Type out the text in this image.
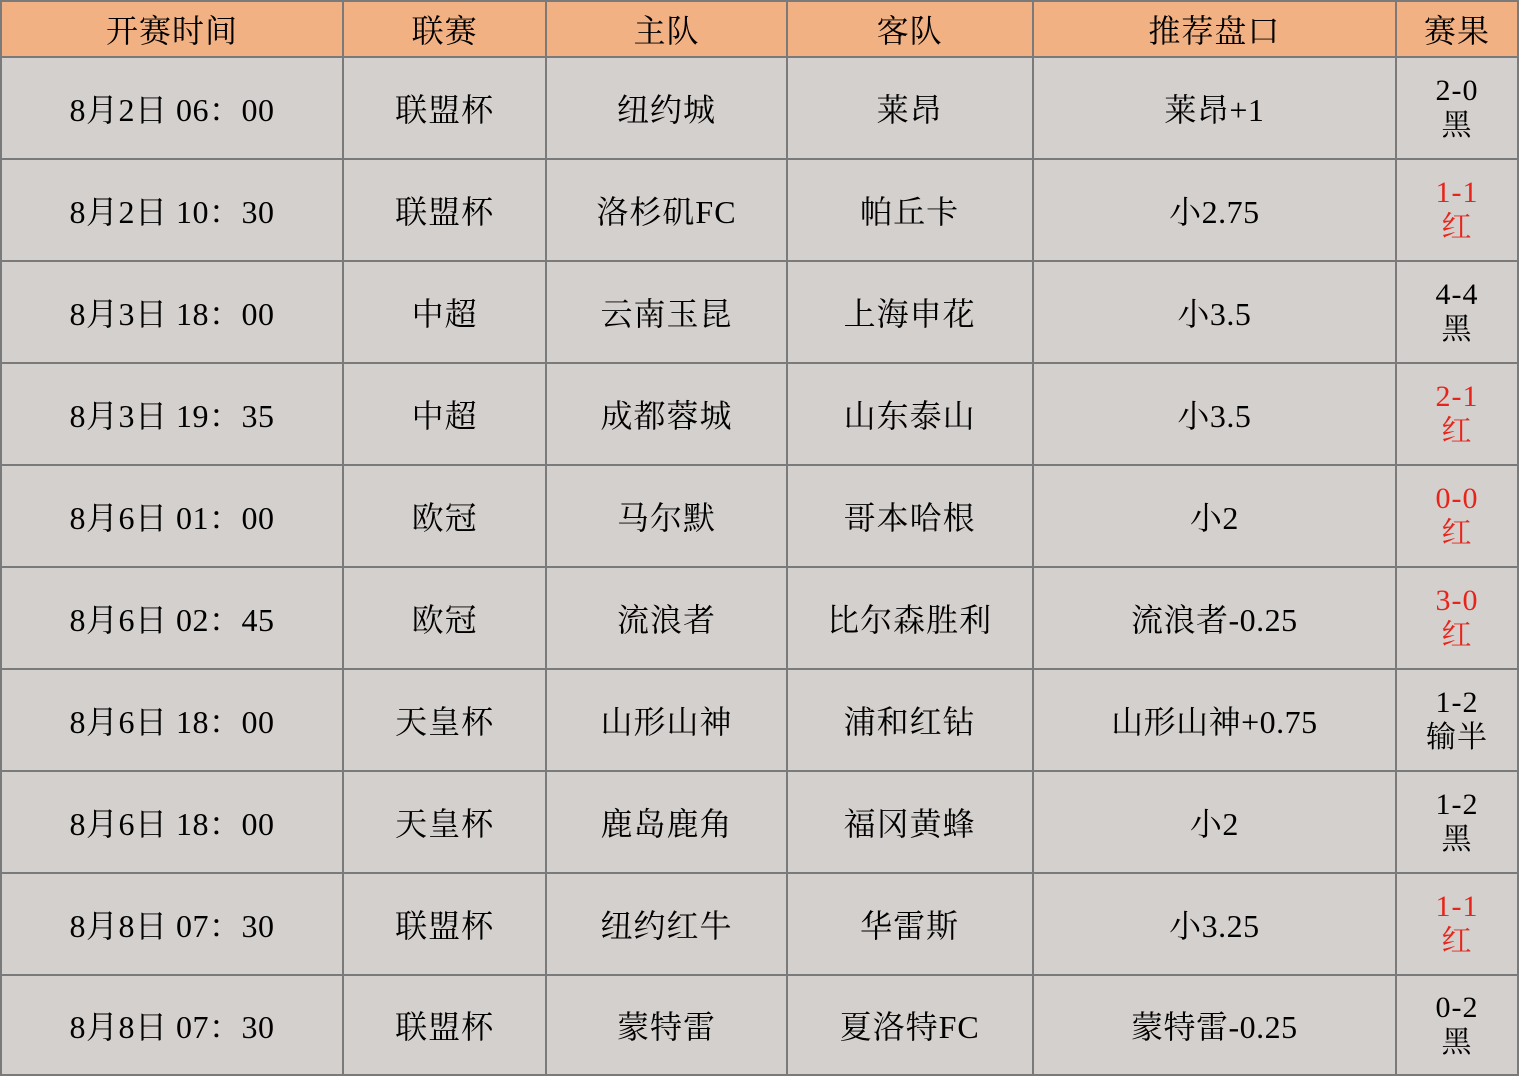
开赛时间	联赛	主队	客队	推荐盘口	赛果
8月2日 06：00	联盟杯	纽约城	莱昂	莱昂+1	2-0
黑

8月2日 10：30	联盟杯	洛杉矶FC	帕丘卡	小2.75	1-1
红

8月3日 18：00	中超	云南玉昆	上海申花	小3.5	4-4
黑

8月3日 19：35	中超	成都蓉城	山东泰山	小3.5	2-1
红

8月6日 01：00	欧冠	马尔默	哥本哈根	小2	0-0
红

8月6日 02：45	欧冠	流浪者	比尔森胜利	流浪者-0.25	3-0
红

8月6日 18：00	天皇杯	山形山神	浦和红钻	山形山神+0.75	1-2
输半

8月6日 18：00	天皇杯	鹿岛鹿角	福冈黄蜂	小2	1-2
黑

8月8日 07：30	联盟杯	纽约红牛	华雷斯	小3.25	1-1
红

8月8日 07：30	联盟杯	蒙特雷	夏洛特FC	蒙特雷-0.25	0-2
黑
